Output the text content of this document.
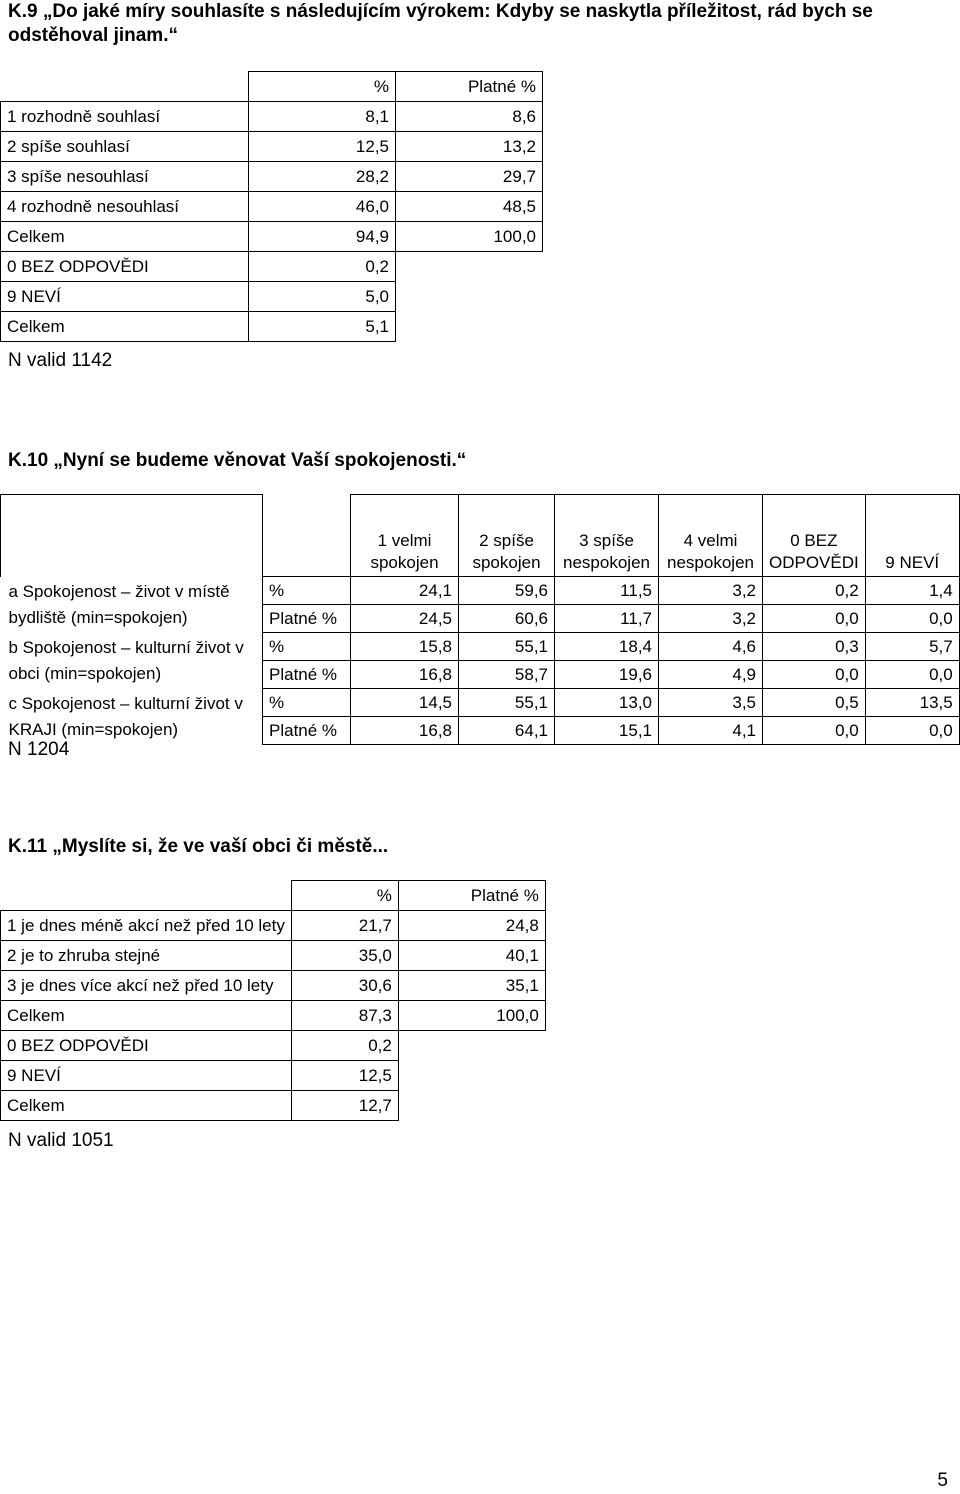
K.9 „Do jaké míry souhlasíte s následujícím výrokem: Kdyby se naskytla příležitost, rád bych se odstěhoval jinam.“
	%	Platné %
1 rozhodně souhlasí	8,1	8,6
2 spíše souhlasí	12,5	13,2
3 spíše nesouhlasí	28,2	29,7
4 rozhodně nesouhlasí	46,0	48,5
Celkem	94,9	100,0
0 BEZ ODPOVĚDI	0,2	
9 NEVÍ	5,0	
Celkem	5,1	
N valid 1142
K.10 „Nyní se budeme věnovat Vaší spokojenosti.“
		1 velmi spokojen	2 spíše spokojen	3 spíše nespokojen	4 velmi nespokojen	0 BEZ ODPOVĚDI	9 NEVÍ
a Spokojenost – život v místě bydliště (min=spokojen)	%	24,1	59,6	11,5	3,2	0,2	1,4
	Platné %	24,5	60,6	11,7	3,2	0,0	0,0
b Spokojenost – kulturní život v obci (min=spokojen)	%	15,8	55,1	18,4	4,6	0,3	5,7
	Platné %	16,8	58,7	19,6	4,9	0,0	0,0
c Spokojenost – kulturní život v KRAJI (min=spokojen)	%	14,5	55,1	13,0	3,5	0,5	13,5
	Platné %	16,8	64,1	15,1	4,1	0,0	0,0
N 1204
K.11 „Myslíte si, že ve vaší obci či městě...
	%	Platné %
1 je dnes méně akcí než před 10 lety	21,7	24,8
2 je to zhruba stejné	35,0	40,1
3 je dnes více akcí než před 10 lety	30,6	35,1
Celkem	87,3	100,0
0 BEZ ODPOVĚDI	0,2	
9 NEVÍ	12,5	
Celkem	12,7	
N valid 1051
5
